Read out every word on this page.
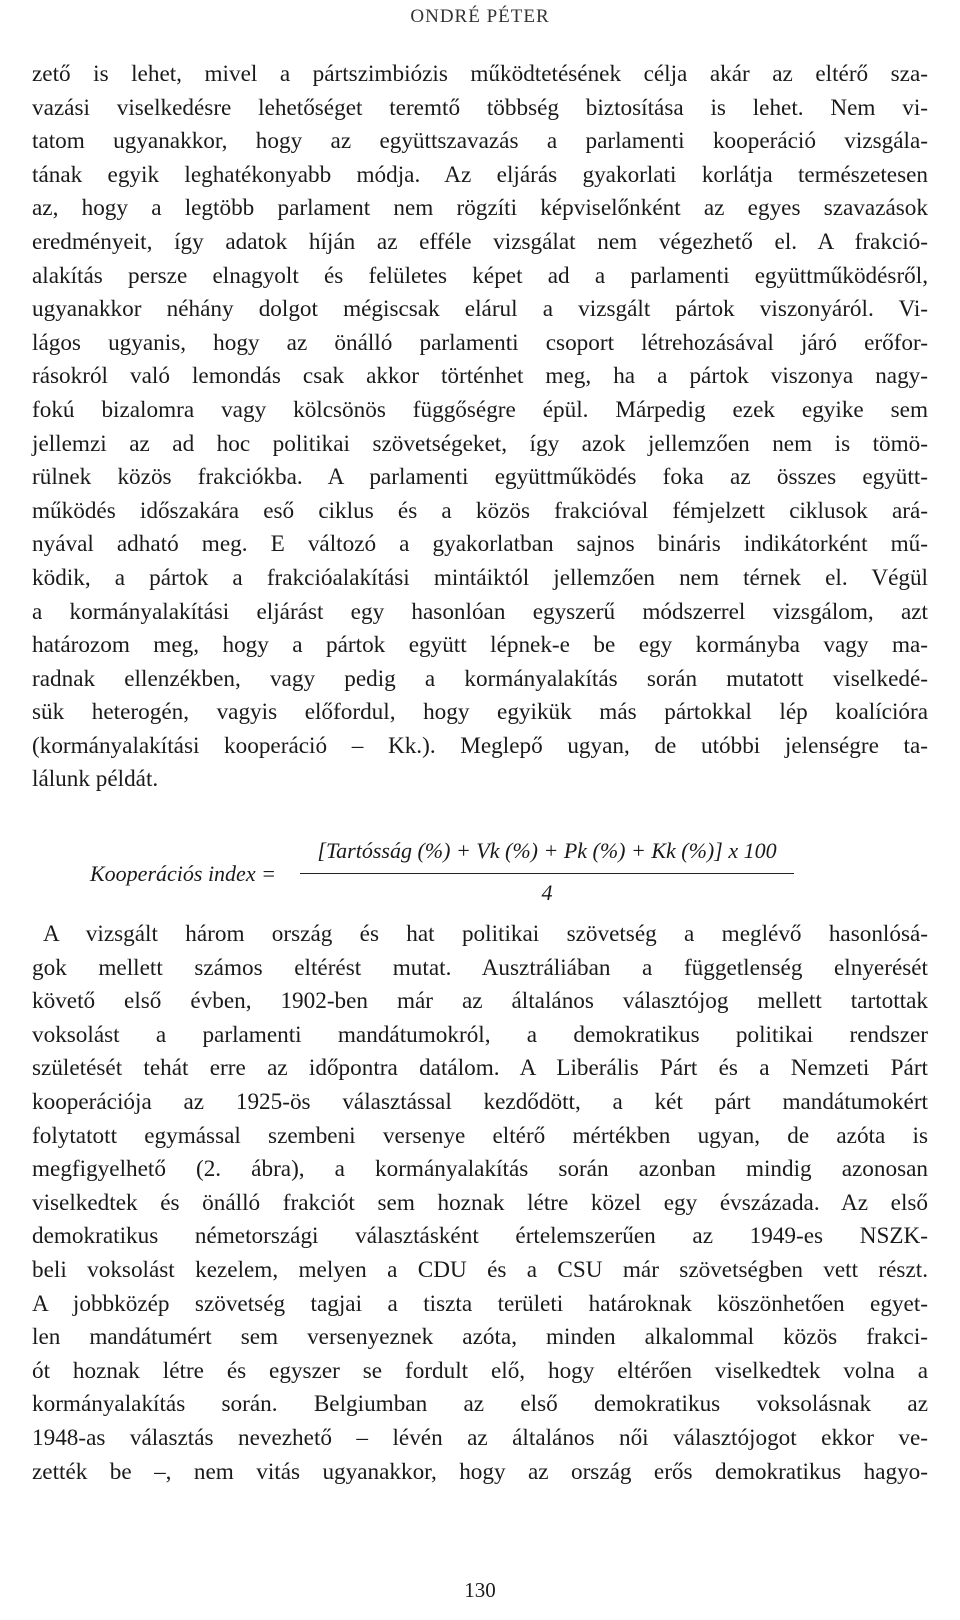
ONDRÉ PÉTER
zető is lehet, mivel a pártszimbiózis működtetésének célja akár az eltérő sza-
vazási viselkedésre lehetőséget teremtő többség biztosítása is lehet. Nem vi-
tatom ugyanakkor, hogy az együttszavazás a parlamenti kooperáció vizsgála-
tának egyik leghatékonyabb módja. Az eljárás gyakorlati korlátja természetesen
az, hogy a legtöbb parlament nem rögzíti képviselőnként az egyes szavazások
eredményeit, így adatok híján az efféle vizsgálat nem végezhető el. A frakció-
alakítás persze elnagyolt és felületes képet ad a parlamenti együttműködésről,
ugyanakkor néhány dolgot mégiscsak elárul a vizsgált pártok viszonyáról. Vi-
lágos ugyanis, hogy az önálló parlamenti csoport létrehozásával járó erőfor-
rásokról való lemondás csak akkor történhet meg, ha a pártok viszonya nagy-
fokú bizalomra vagy kölcsönös függőségre épül. Márpedig ezek egyike sem
jellemzi az ad hoc politikai szövetségeket, így azok jellemzően nem is tömö-
rülnek közös frakciókba. A parlamenti együttműködés foka az összes együtt-
működés időszakára eső ciklus és a közös frakcióval fémjelzett ciklusok ará-
nyával adható meg. E változó a gyakorlatban sajnos bináris indikátorként mű-
ködik, a pártok a frakcióalakítási mintáiktól jellemzően nem térnek el. Végül
a kormányalakítási eljárást egy hasonlóan egyszerű módszerrel vizsgálom, azt
határozom meg, hogy a pártok együtt lépnek-e be egy kormányba vagy ma-
radnak ellenzékben, vagy pedig a kormányalakítás során mutatott viselkedé-
sük heterogén, vagyis előfordul, hogy egyikük más pártokkal lép koalícióra
(kormányalakítási kooperáció – Kk.). Meglepő ugyan, de utóbbi jelenségre ta-
lálunk példát.
Kooperációs index =
[Tartósság (%) + Vk (%) + Pk (%) + Kk (%)] x 100
4
A vizsgált három ország és hat politikai szövetség a meglévő hasonlósá-
gok mellett számos eltérést mutat. Ausztráliában a függetlenség elnyerését
követő első évben, 1902-ben már az általános választójog mellett tartottak
voksolást a parlamenti mandátumokról, a demokratikus politikai rendszer
születését tehát erre az időpontra datálom. A Liberális Párt és a Nemzeti Párt
kooperációja az 1925-ös választással kezdődött, a két párt mandátumokért
folytatott egymással szembeni versenye eltérő mértékben ugyan, de azóta is
megfigyelhető (2. ábra), a kormányalakítás során azonban mindig azonosan
viselkedtek és önálló frakciót sem hoznak létre közel egy évszázada. Az első
demokratikus németországi választásként értelemszerűen az 1949-es NSZK-
beli voksolást kezelem, melyen a CDU és a CSU már szövetségben vett részt.
A jobbközép szövetség tagjai a tiszta területi határoknak köszönhetően egyet-
len mandátumért sem versenyeznek azóta, minden alkalommal közös frakci-
ót hoznak létre és egyszer se fordult elő, hogy eltérően viselkedtek volna a
kormányalakítás során. Belgiumban az első demokratikus voksolásnak az
1948-as választás nevezhető – lévén az általános női választójogot ekkor ve-
zették be –, nem vitás ugyanakkor, hogy az ország erős demokratikus hagyo-
130
